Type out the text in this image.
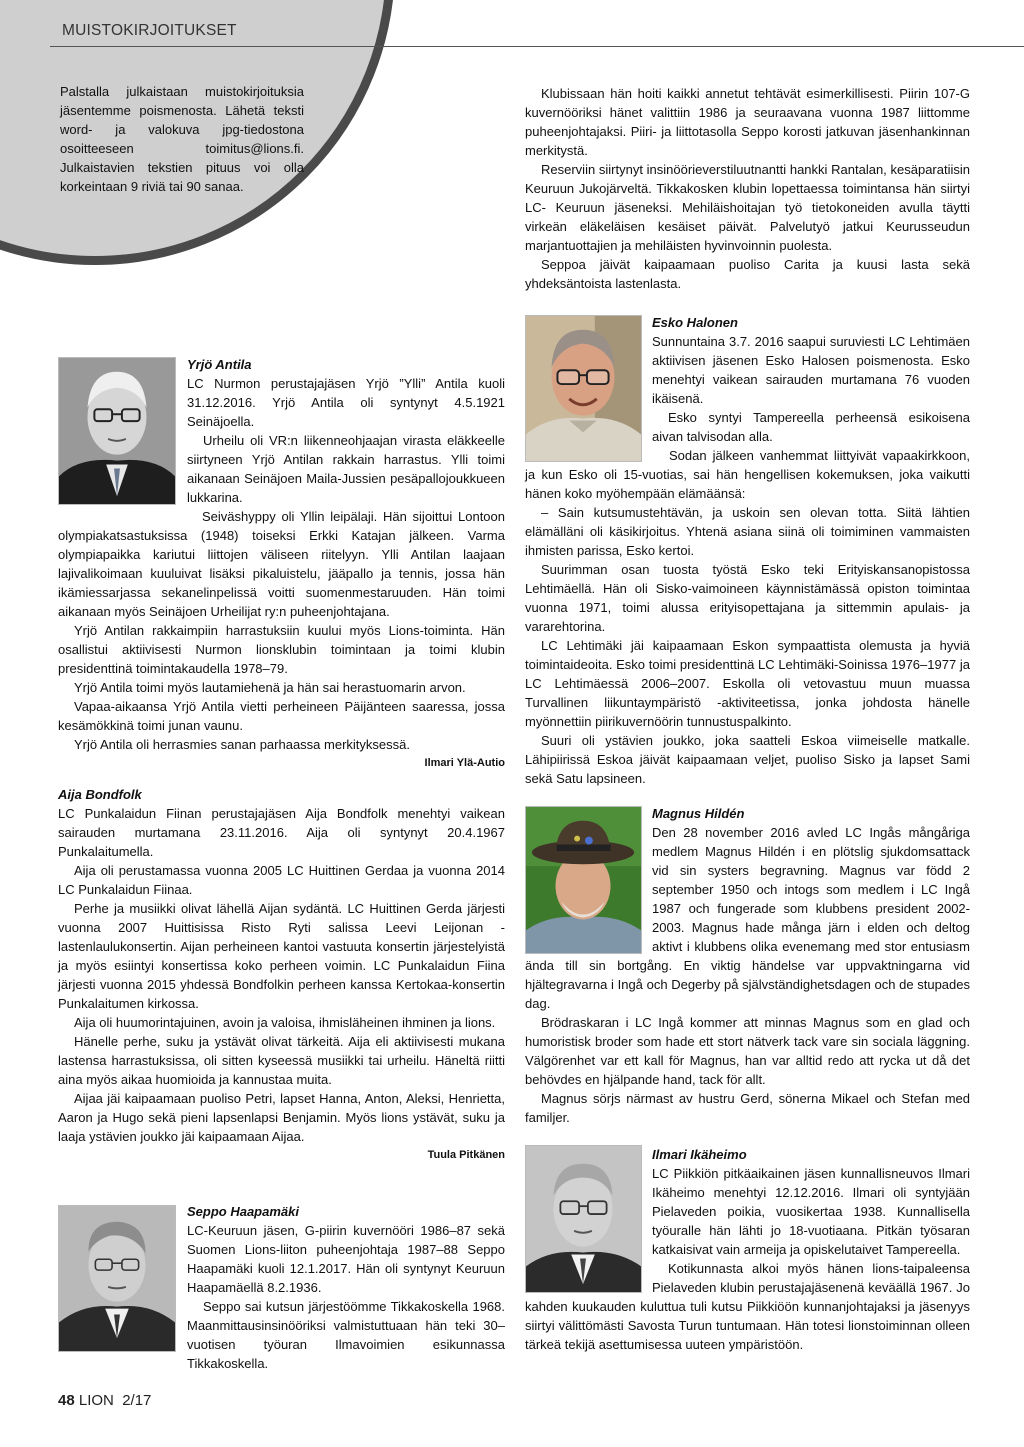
MUISTOKIRJOITUKSET
Palstalla julkaistaan muistokirjoituksia jäsentemme poismenosta. Lähetä teksti word- ja valokuva jpg-tiedostona osoitteeseen toimitus@lions.fi. Julkaistavien tekstien pituus voi olla korkeintaan 9 riviä tai 90 sanaa.

Klubissaan hän hoiti kaikki annetut tehtävät esimerkillisesti. Piirin 107-G kuvernööriksi hänet valittiin 1986 ja seuraavana vuonna 1987 liittomme puheenjohtajaksi. Piiri- ja liittotasolla Seppo korosti jatkuvan jäsenhankinnan merkitystä.

Reserviin siirtynyt insinöörieverstiluutnantti hankki Rantalan, kesäparatiisin Keuruun Jukojärveltä. Tikkakosken klubin lopettaessa toimintansa hän siirtyi LC- Keuruun jäseneksi. Mehiläishoitajan työ tietokoneiden avulla täytti virkeän eläkeläisen kesäiset päivät. Palvelutyö jatkui Keurusseudun marjantuottajien ja mehiläisten hyvinvoinnin puolesta.

Seppoa jäivät kaipaamaan puoliso Carita ja kuusi lasta sekä yhdeksäntoista lastenlasta.

Yrjö Antila

LC Nurmon perustajajäsen Yrjö ”Ylli” Antila kuoli 31.12.2016. Yrjö Antila oli syntynyt 4.5.1921 Seinäjoella.

Urheilu oli VR:n liikenneohjaajan virasta eläkkeelle siirtyneen Yrjö Antilan rakkain harrastus. Ylli toimi aikanaan Seinäjoen Maila-Jussien pesäpallojoukkueen lukkarina.

Seiväshyppy oli Yllin leipälaji. Hän sijoittui Lontoon olympiakatsastuksissa (1948) toiseksi Erkki Katajan jälkeen. Varma olympiapaikka kariutui liittojen väliseen riitelyyn. Ylli Antilan laajaan lajivalikoimaan kuuluivat lisäksi pikaluistelu, jääpallo ja tennis, jossa hän ikämiessarjassa sekanelinpelissä voitti suomenmestaruuden. Hän toimi aikanaan myös Seinäjoen Urheilijat ry:n puheenjohtajana.

Yrjö Antilan rakkaimpiin harrastuksiin kuului myös Lions-toiminta. Hän osallistui aktiivisesti Nurmon lionsklubin toimintaan ja toimi klubin presidenttinä toimintakaudella 1978–79.

Yrjö Antila toimi myös lautamiehenä ja hän sai herastuomarin arvon.

Vapaa-aikaansa Yrjö Antila vietti perheineen Päijänteen saaressa, jossa kesämökkinä toimi junan vaunu.

Yrjö Antila oli herrasmies sanan parhaassa merkityksessä.

Ilmari Ylä-Autio
Aija Bondfolk

LC Punkalaidun Fiinan perustajajäsen Aija Bondfolk menehtyi vaikean sairauden murtamana 23.11.2016. Aija oli syntynyt 20.4.1967 Punkalaitumella.

Aija oli perustamassa vuonna 2005 LC Huittinen Gerdaa ja vuonna 2014 LC Punkalaidun Fiinaa.

Perhe ja musiikki olivat lähellä Aijan sydäntä. LC Huittinen Gerda järjesti vuonna 2007 Huittisissa Risto Ryti salissa Leevi Leijonan -lastenlaulukonsertin. Aijan perheineen kantoi vastuuta konsertin järjestelyistä ja myös esiintyi konsertissa koko perheen voimin. LC Punkalaidun Fiina järjesti vuonna 2015 yhdessä Bondfolkin perheen kanssa Kertokaa-konsertin Punkalaitumen kirkossa.

Aija oli huumorintajuinen, avoin ja valoisa, ihmisläheinen ihminen ja lions.

Hänelle perhe, suku ja ystävät olivat tärkeitä. Aija eli aktiivisesti mukana lastensa harrastuksissa, oli sitten kyseessä musiikki tai urheilu. Häneltä riitti aina myös aikaa huomioida ja kannustaa muita.

Aijaa jäi kaipaamaan puoliso Petri, lapset Hanna, Anton, Aleksi, Henrietta, Aaron ja Hugo sekä pieni lapsenlapsi Benjamin. Myös lions ystävät, suku ja laaja ystävien joukko jäi kaipaamaan Aijaa.

Tuula Pitkänen
Seppo Haapamäki

LC-Keuruun jäsen, G-piirin kuvernööri 1986–87 sekä Suomen Lions-liiton puheenjohtaja 1987–88 Seppo Haapamäki kuoli 12.1.2017. Hän oli syntynyt Keuruun Haapamäellä 8.2.1936.

Seppo sai kutsun järjestöömme Tikkakoskella 1968. Maanmittausinsinööriksi valmistuttuaan hän teki 30–vuotisen työuran Ilmavoimien esikunnassa Tikkakoskella.

Esko Halonen

Sunnuntaina 3.7. 2016 saapui suruviesti LC Lehtimäen aktiivisen jäsenen Esko Halosen poismenosta. Esko menehtyi vaikean sairauden murtamana 76 vuoden ikäisenä.

Esko syntyi Tampereella perheensä esikoisena aivan talvisodan alla.

Sodan jälkeen vanhemmat liittyivät vapaakirkkoon, ja kun Esko oli 15-vuotias, sai hän hengellisen kokemuksen, joka vaikutti hänen koko myöhempään elämäänsä:

– Sain kutsumustehtävän, ja uskoin sen olevan totta. Siitä lähtien elämälläni oli käsikirjoitus. Yhtenä asiana siinä oli toimiminen vammaisten ihmisten parissa, Esko kertoi.

Suurimman osan tuosta työstä Esko teki Erityiskansanopistossa Lehtimäellä. Hän oli Sisko-vaimoineen käynnistämässä opiston toimintaa vuonna 1971, toimi alussa erityisopettajana ja sittemmin apulais- ja vararehtorina.

LC Lehtimäki jäi kaipaamaan Eskon sympaattista olemusta ja hyviä toimintaideoita. Esko toimi presidenttinä LC Lehtimäki-Soinissa 1976–1977 ja LC Lehtimäessä 2006–2007. Eskolla oli vetovastuu muun muassa Turvallinen liikuntaympäristö -aktiviteetissa, jonka johdosta hänelle myönnettiin piirikuvernöörin tunnustuspalkinto.

Suuri oli ystävien joukko, joka saatteli Eskoa viimeiselle matkalle. Lähipiirissä Eskoa jäivät kaipaamaan veljet, puoliso Sisko ja lapset Sami sekä Satu lapsineen.

Magnus Hildén

Den 28 november 2016 avled LC Ingås mångåriga medlem Magnus Hildén i en plötslig sjukdomsattack vid sin systers begravning. Magnus var född 2 september 1950 och intogs som medlem i LC Ingå 1987 och fungerade som klubbens president 2002-2003. Magnus hade många järn i elden och deltog aktivt i klubbens olika evenemang med stor entusiasm ända till sin bortgång. En viktig händelse var uppvaktningarna vid hjältegravarna i Ingå och Degerby på självständighetsdagen och de stupades dag.

Brödraskaran i LC Ingå kommer att minnas Magnus som en glad och humoristisk broder som hade ett stort nätverk tack vare sin sociala läggning. Välgörenhet var ett kall för Magnus, han var alltid redo att rycka ut då det behövdes en hjälpande hand, tack för allt.

Magnus sörjs närmast av hustru Gerd, sönerna Mikael och Stefan med familjer.

Ilmari Ikäheimo

LC Piikkiön pitkäaikainen jäsen kunnallisneuvos Ilmari Ikäheimo menehtyi 12.12.2016. Ilmari oli syntyjään Pielaveden poikia, vuosikertaa 1938. Kunnallisella työuralle hän lähti jo 18-vuotiaana. Pitkän työsaran katkaisivat vain armeija ja opiskelutaivet Tampereella.

Kotikunnasta alkoi myös hänen lions-taipaleensa Pielaveden klubin perustajajäsenenä keväällä 1967. Jo kahden kuukauden kuluttua tuli kutsu Piikkiöön kunnanjohtajaksi ja jäsenyys siirtyi välittömästi Savosta Turun tuntumaan. Hän totesi lionstoiminnan olleen tärkeä tekijä asettumisessa uuteen ympäristöön.

48 LION  2/17
